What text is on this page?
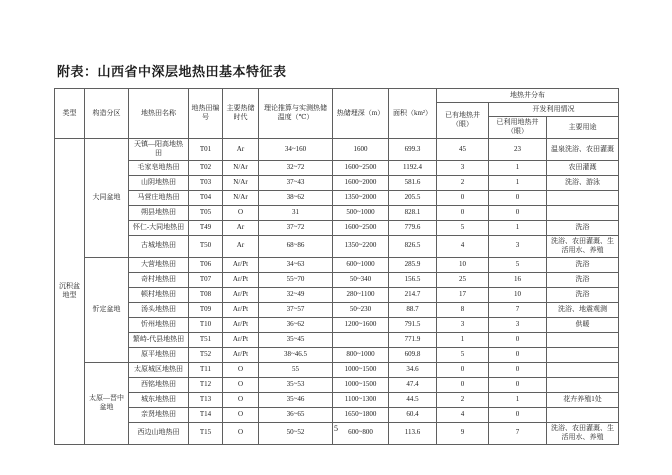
附表：山西省中深层地热田基本特征表
类型	构造分区	地热田名称	地热田编号	主要热储时代	理论推算与实测热储温度（℃）	热储埋深（m）	面积（km²）	地热井分布		
								已有地热井（眼）	开发利用情况	
									已利用地热井（眼）	主要用途
沉积盆地型	大同盆地	天镇—阳高地热田	T01	Ar	34~160	1600	699.3	45	23	温泉洗浴、农田灌溉
		毛家皂地热田	T02	N/Ar	32~72	1600~2500	1192.4	3	1	农田灌溉
		山阴地热田	T03	N/Ar	37~43	1600~2000	581.6	2	1	洗浴、游泳
		马营庄地热田	T04	N/Ar	38~62	1350~2000	205.5	0	0	
		朔县地热田	T05	O	31	500~1000	828.1	0	0	
		怀仁-大同地热田	T49	Ar	37~72	1600~2500	779.6	5	1	洗浴
		古城地热田	T50	Ar	68~86	1350~2200	826.5	4	3	洗浴、农田灌溉、生活用水、养殖
	忻定盆地	大营地热田	T06	Ar/Pt	34~63	600~1000	285.9	10	5	洗浴
		奇村地热田	T07	Ar/Pt	55~70	50~340	156.5	25	16	洗浴
		顿村地热田	T08	Ar/Pt	32~49	280~1100	214.7	17	10	洗浴
		汤头地热田	T09	Ar/Pt	37~57	50~230	88.7	8	7	洗浴、地震观测
		忻州地热田	T10	Ar/Pt	36~62	1200~1600	791.5	3	3	供暖
		繁峙-代县地热田	T51	Ar/Pt	35~45		771.9	1	0	
		原平地热田	T52	Ar/Pt	38~46.5	800~1000	609.8	5	0	
	太原—晋中盆地	太原城区地热田	T11	O	55	1000~1500	34.6	0	0	
		西铭地热田	T12	O	35~53	1000~1500	47.4	0	0	
		城东地热田	T13	O	35~46	1100~1300	44.5	2	1	花卉养殖1处
		亲贤地热田	T14	O	36~65	1650~1800	60.4	4	0	
		西边山地热田	T15	O	50~52	600~800	113.6	9	7	洗浴、农田灌溉、生活用水、养殖
5
